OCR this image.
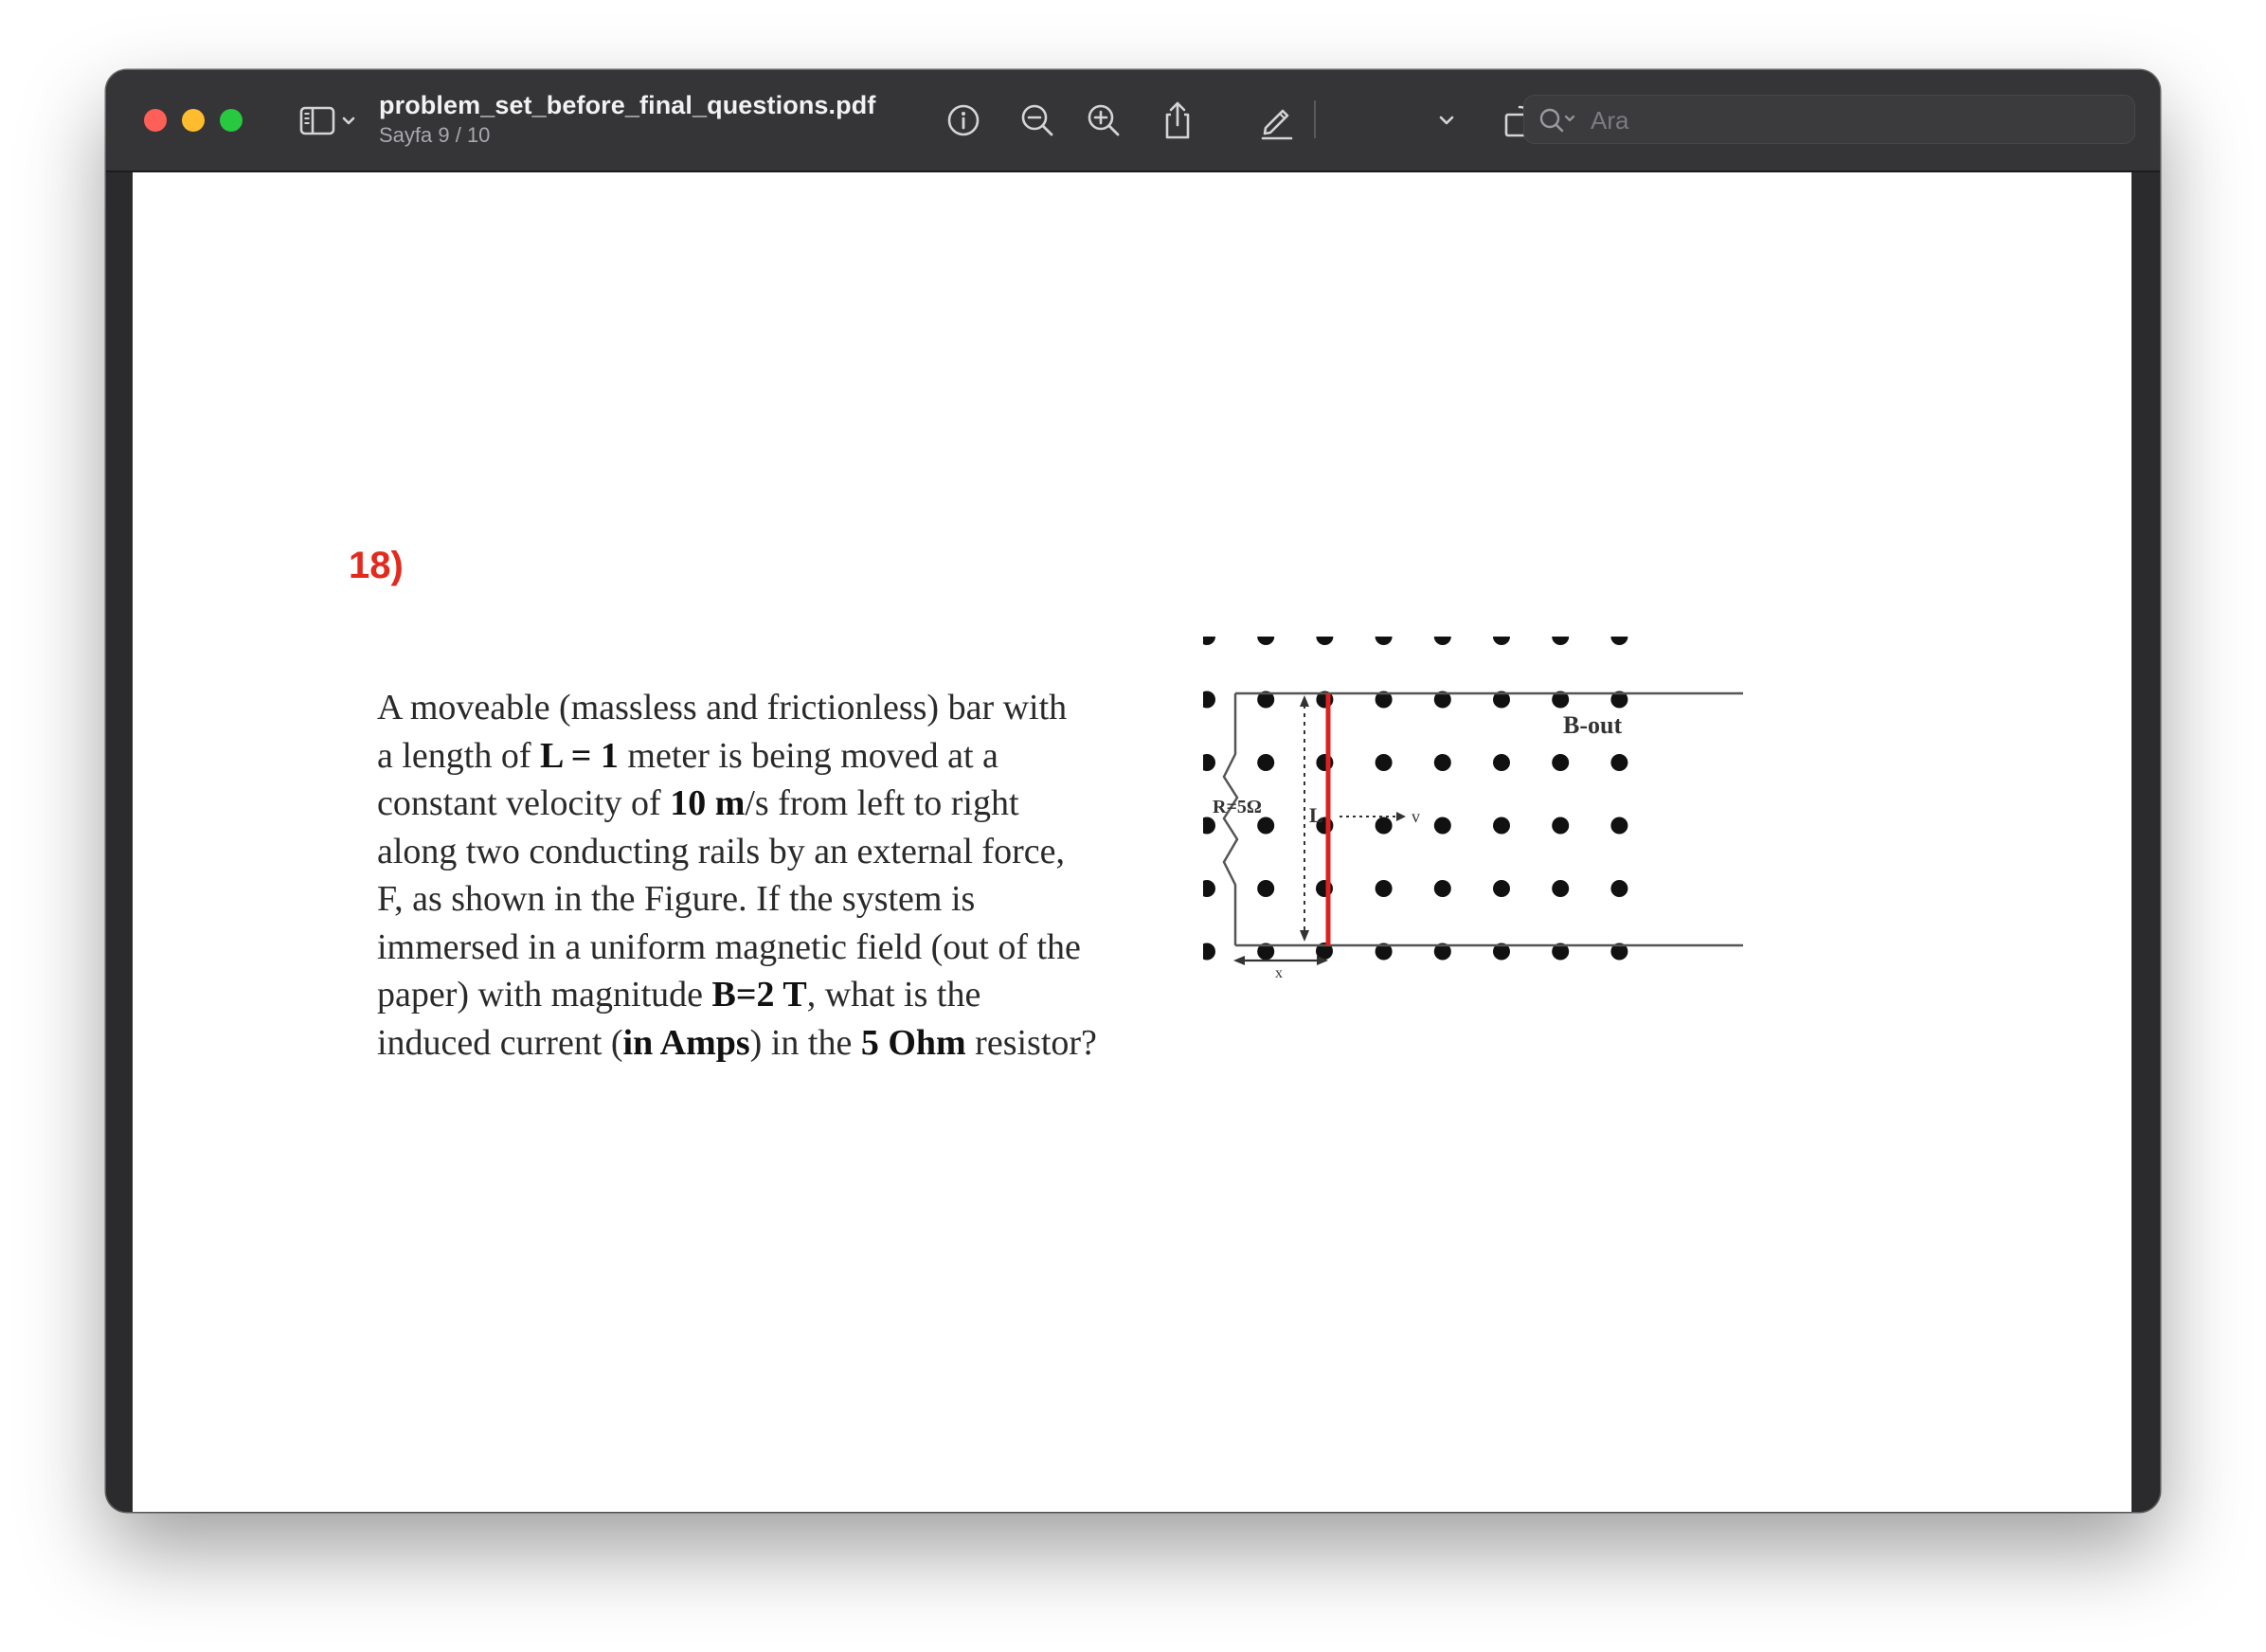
problem_set_before_final_questions.pdf
Sayfa 9 / 10
Ara
18)
A moveable (massless and frictionless) bar with
a length of L = 1 meter is being moved at a
constant velocity of 10 m/s from left to right
along two conducting rails by an external force,
F, as shown in the Figure. If the system is
immersed in a uniform magnetic field (out of the
paper) with magnitude B=2 T, what is the
induced current (in Amps) in the 5 Ohm resistor?
B-out
R=5Ω L	v
x
